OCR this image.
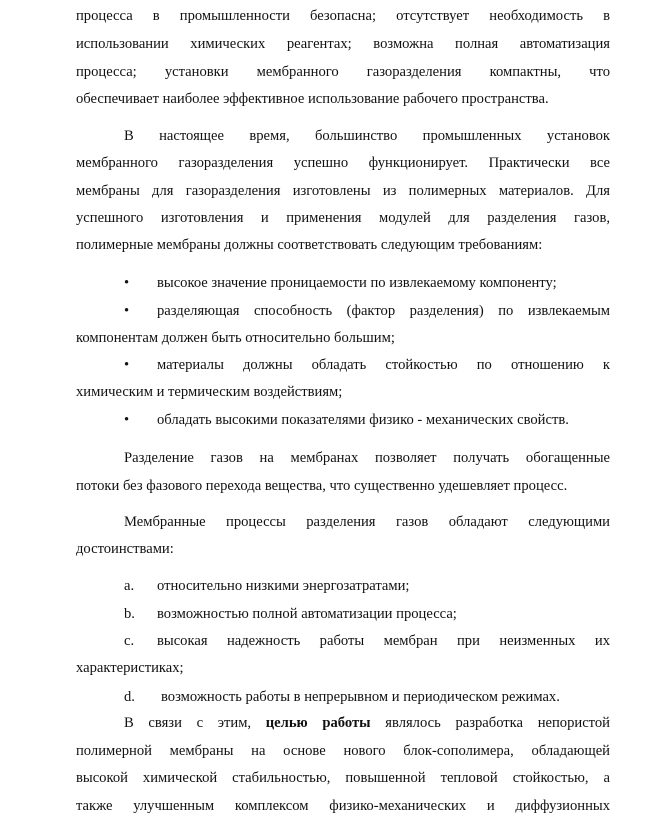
процесса в промышленности безопасна; отсутствует необходимость в
использовании химических реагентах; возможна полная автоматизация
процесса; установки мембранного газоразделения компактны, что
обеспечивает наиболее эффективное использование рабочего пространства.
В настоящее время, большинство промышленных установок
мембранного газоразделения успешно функционирует. Практически все
мембраны для газоразделения изготовлены из полимерных материалов. Для
успешного изготовления и применения модулей для разделения газов,
полимерные мембраны должны соответствовать следующим требованиям:
• высокое значение проницаемости по извлекаемому компоненту;
• разделяющая способность (фактор разделения) по извлекаемым
компонентам должен быть относительно большим;
• материалы должны обладать стойкостью по отношению к
химическим и термическим воздействиям;
• обладать высокими показателями физико - механических свойств.
Разделение газов на мембранах позволяет получать обогащенные
потоки без фазового перехода вещества, что существенно удешевляет процесс.
Мембранные процессы разделения газов обладают следующими
достоинствами:
a. относительно низкими энергозатратами;
b. возможностью полной автоматизации процесса;
c. высокая надежность работы мембран при неизменных их
характеристиках;
d. возможность работы в непрерывном и периодическом режимах.
В связи с этим, целью работы являлось разработка непористой
полимерной мембраны на основе нового блок-сополимера, обладающей
высокой химической стабильностью, повышенной тепловой стойкостью, а
также улучшенным комплексом физико-механических и диффузионных
